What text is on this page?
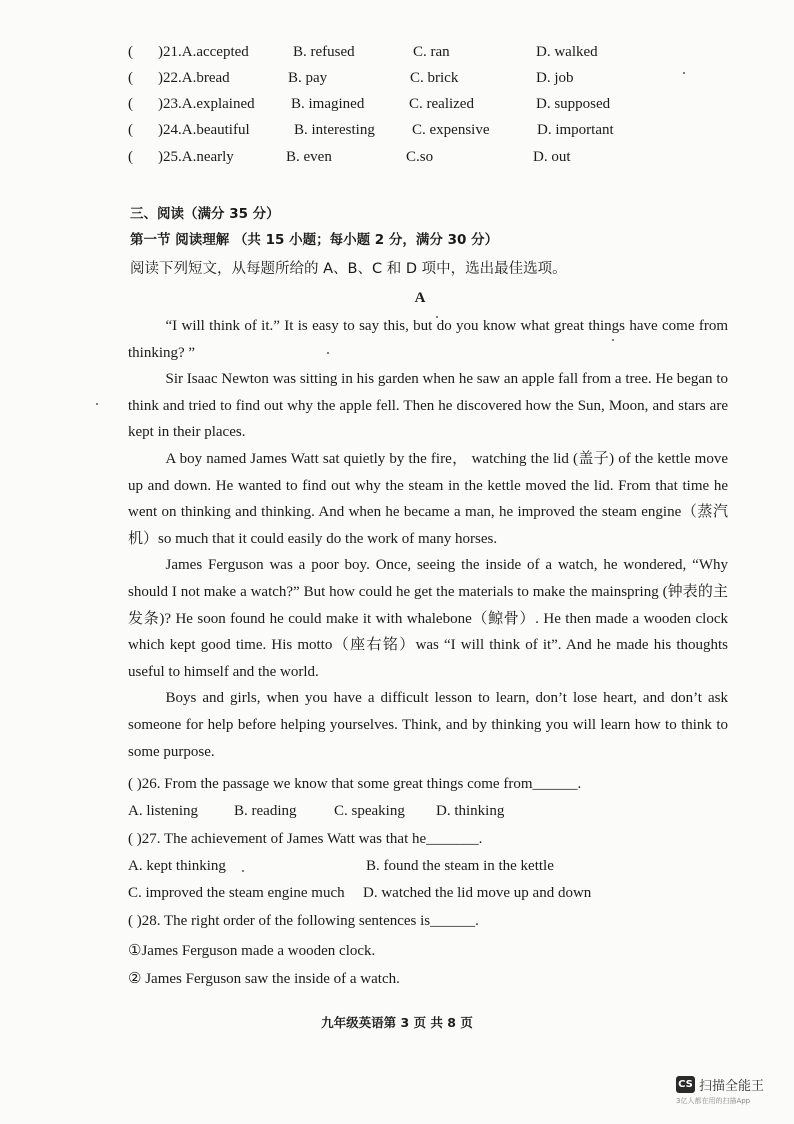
( )21.A.accepted	B. refused	C. ran	D. walked
( )22.A.bread	B. pay	C. brick	D. job
( )23.A.explained B. imagined	C. realized	D. supposed
( )24.A.beautiful	B. interesting C. expensive	D. important
( )25.A.nearly	B. even	C.so	D. out
三、阅读（满分 35 分）
第一节 阅读理解 （共 15 小题；每小题 2 分，满分 30 分）
阅读下列短文，从每题所给的 A、B、C 和 D 项中，选出最佳选项。
A

“I will think of it.” It is easy to say this, but do you know what great things have come from thinking? ”

Sir Isaac Newton was sitting in his garden when he saw an apple fall from a tree. He began to think and tried to find out why the apple fell. Then he discovered how the Sun, Moon, and stars are kept in their places.

A boy named James Watt sat quietly by the fire， watching the lid (盖子) of the kettle move up and down. He wanted to find out why the steam in the kettle moved the lid. From that time he went on thinking and thinking. And when he became a man, he improved the steam engine（蒸汽机）so much that it could easily do the work of many horses.

James Ferguson was a poor boy. Once, seeing the inside of a watch, he wondered, “Why should I not make a watch?” But how could he get the materials to make the mainspring (钟表的主发条)? He soon found he could make it with whalebone（鲸骨）. He then made a wooden clock which kept good time. His motto（座右铭）was “I will think of it”. And he made his thoughts useful to himself and the world.

Boys and girls, when you have a difficult lesson to learn, don’t lose heart, and don’t ask someone for help before helping yourselves. Think, and by thinking you will learn how to think to some purpose.

( )26. From the passage we know that some great things come from______.
A. listening B. reading	C. speaking D. thinking
( )27. The achievement of James Watt was that he_______.
A. kept thinking	B. found the steam in the kettle
C. improved the steam engine much D. watched the lid move up and down
( )28. The right order of the following sentences is______.
①James Ferguson made a wooden clock.
② James Ferguson saw the inside of a watch.
九年级英语第 3 页 共 8 页
CS 扫描全能王
3亿人都在用的扫描App
